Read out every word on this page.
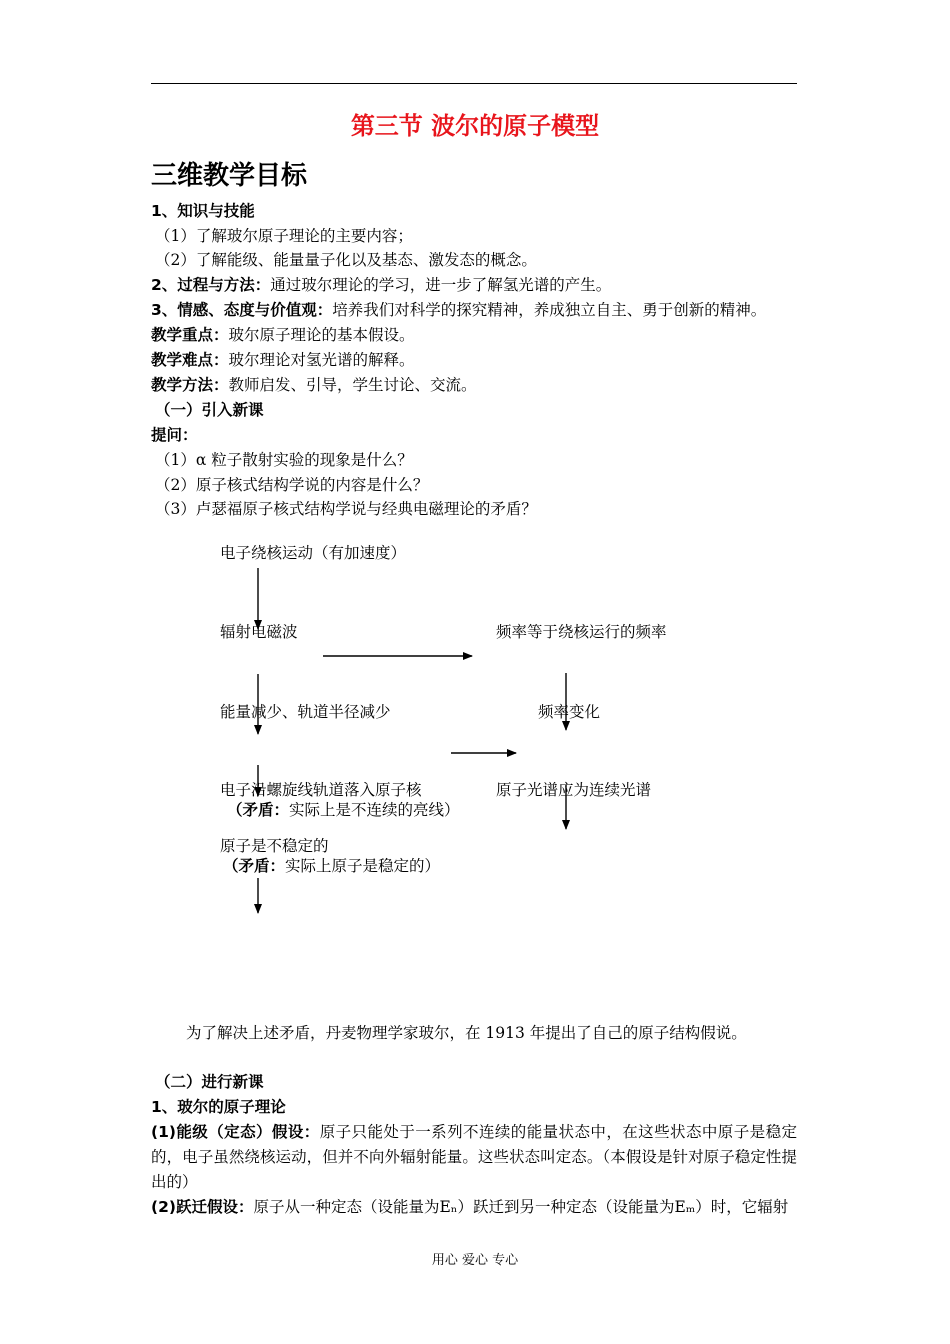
第三节 波尔的原子模型
三维教学目标
1、知识与技能
（1）了解玻尔原子理论的主要内容；
（2）了解能级、能量量子化以及基态、激发态的概念。
2、过程与方法：通过玻尔理论的学习，进一步了解氢光谱的产生。
3、情感、态度与价值观：培养我们对科学的探究精神，养成独立自主、勇于创新的精神。
教学重点：玻尔原子理论的基本假设。
教学难点：玻尔理论对氢光谱的解释。
教学方法：教师启发、引导，学生讨论、交流。
（一）引入新课
提问：
（1）α 粒子散射实验的现象是什么？
（2）原子核式结构学说的内容是什么？
（3）卢瑟福原子核式结构学说与经典电磁理论的矛盾？
电子绕核运动（有加速度）
辐射电磁波
能量减少、轨道半径减少
电子沿螺旋线轨道落入原子核
（矛盾：实际上是不连续的亮线）
原子是不稳定的
（矛盾：实际上原子是稳定的）
频率等于绕核运行的频率
频率变化
原子光谱应为连续光谱
为了解决上述矛盾，丹麦物理学家玻尔，在 1913 年提出了自己的原子结构假说。
（二）进行新课
1、玻尔的原子理论
(1)能级（定态）假设：原子只能处于一系列不连续的能量状态中，在这些状态中原子是稳定的，电子虽然绕核运动，但并不向外辐射能量。这些状态叫定态。（本假设是针对原子稳定性提出的）
(2)跃迁假设：原子从一种定态（设能量为Eₙ）跃迁到另一种定态（设能量为Eₘ）时，它辐射
用心 爱心 专心
